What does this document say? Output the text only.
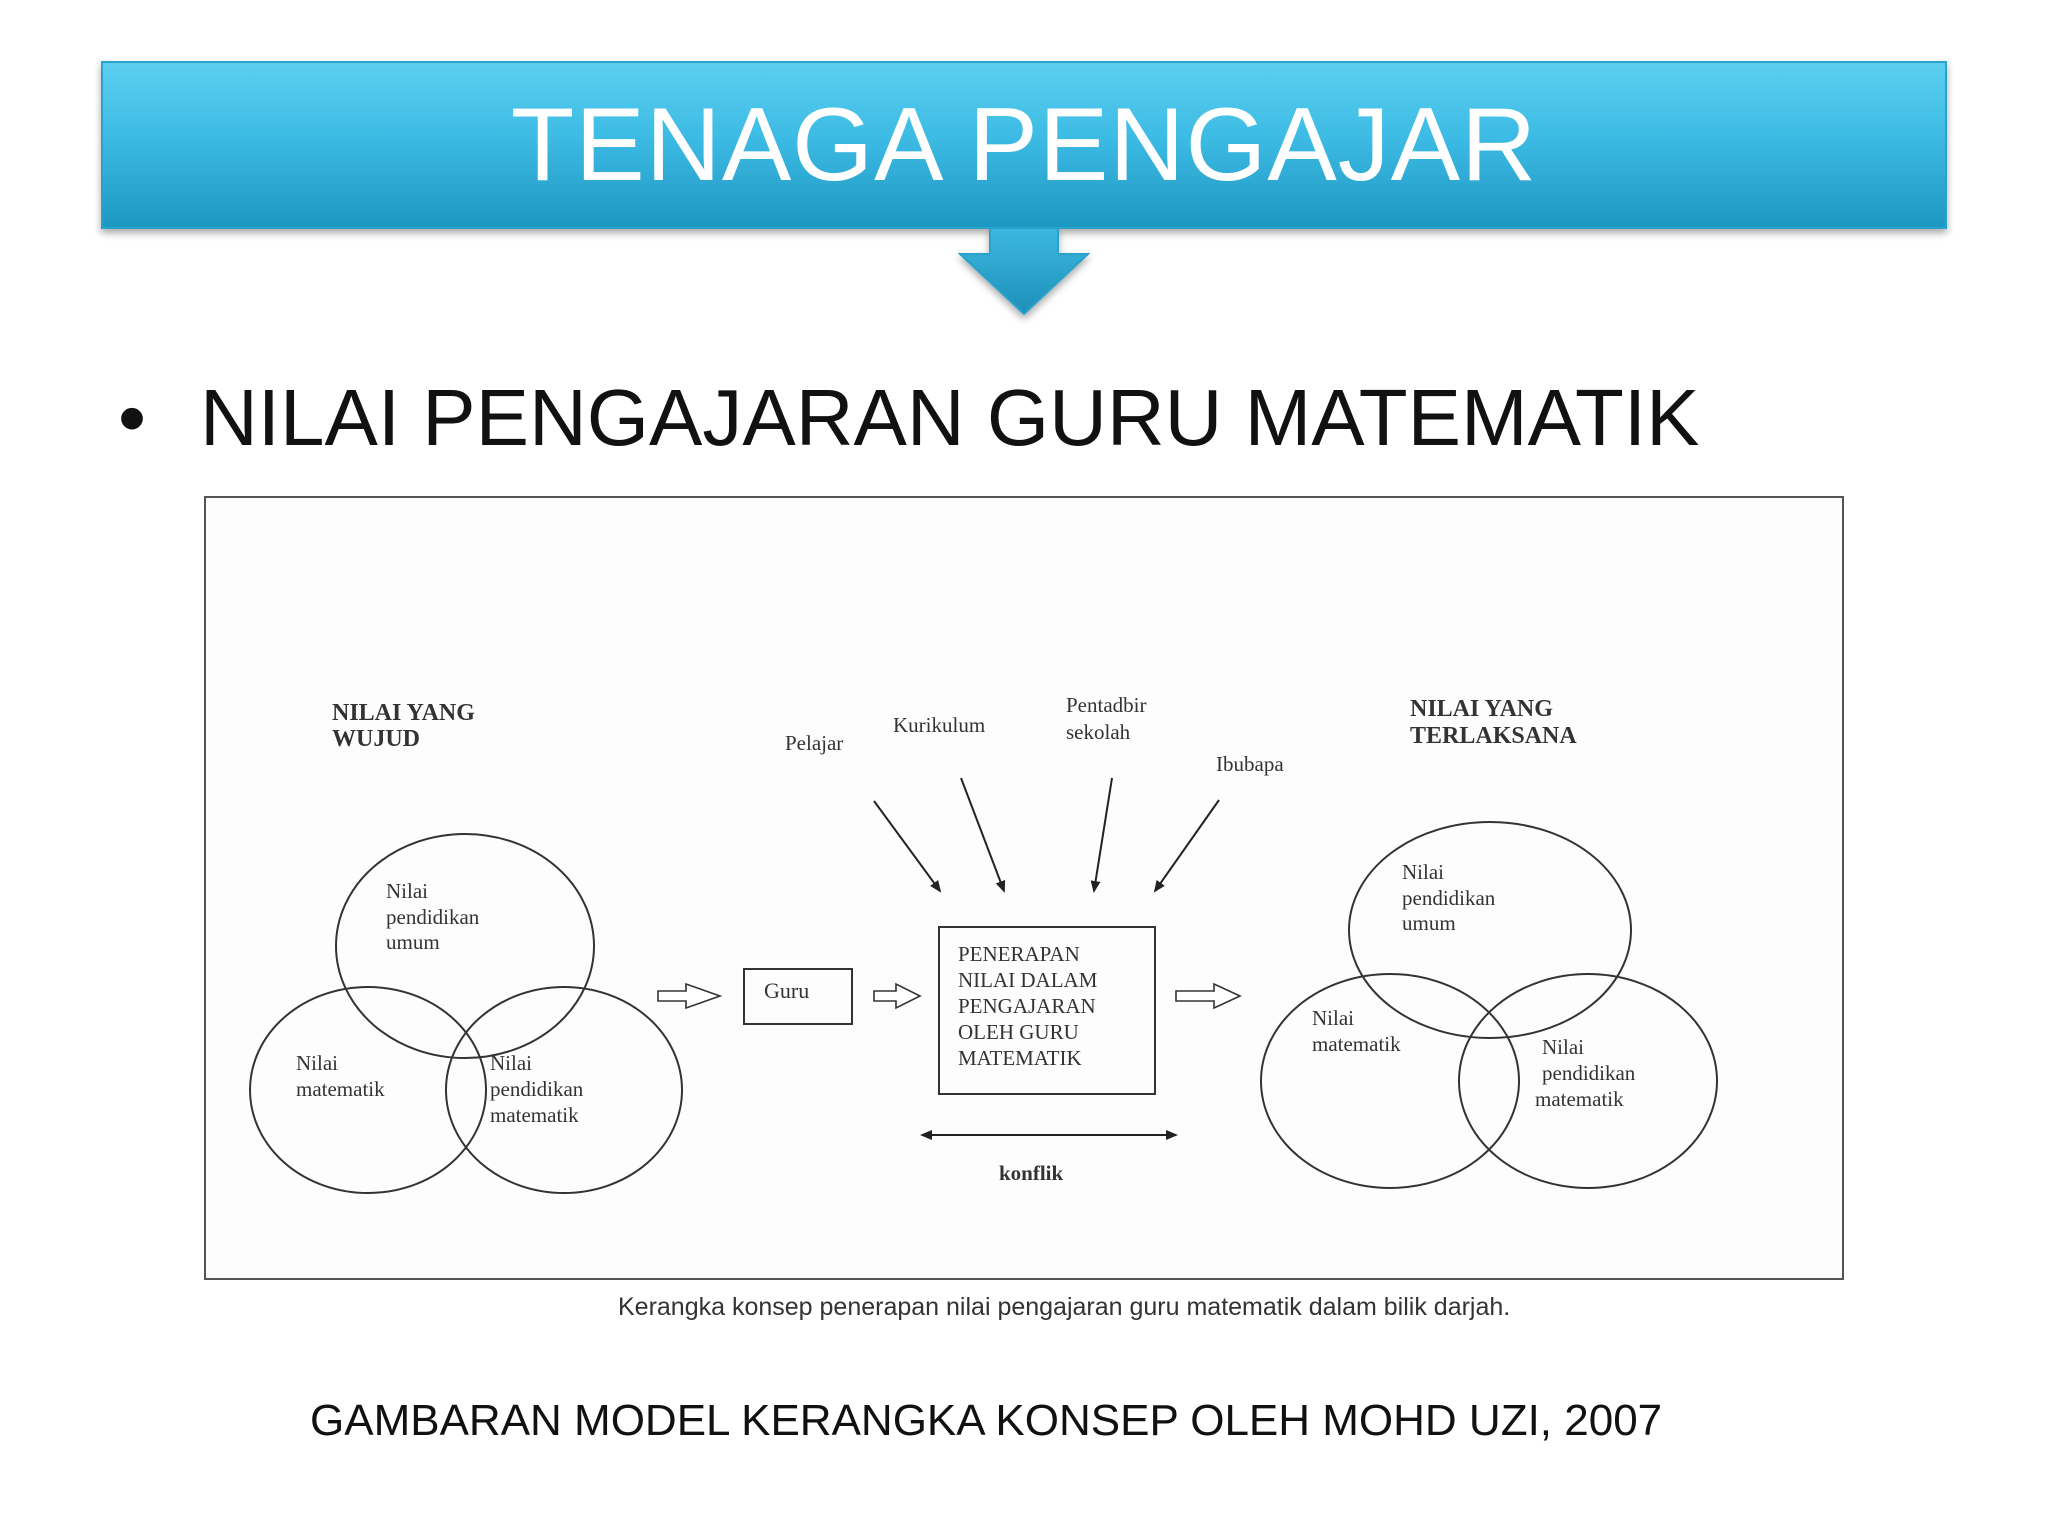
TENAGA PENGAJAR
• NILAI PENGAJARAN GURU MATEMATIK
NILAI YANG
WUJUD
Nilai
pendidikan
umum
Nilai
matematik
Nilai
pendidikan
matematik
Guru
PENERAPAN
NILAI DALAM
PENGAJARAN
OLEH GURU
MATEMATIK
Pelajar
Kurikulum
Pentadbir
sekolah
Ibubapa
konflik
NILAI YANG
TERLAKSANA
Nilai
pendidikan
umum
Nilai
matematik	Nilai
pendidikan
matematik
Kerangka konsep penerapan nilai pengajaran guru matematik dalam bilik darjah.
GAMBARAN MODEL KERANGKA KONSEP OLEH MOHD UZI, 2007
